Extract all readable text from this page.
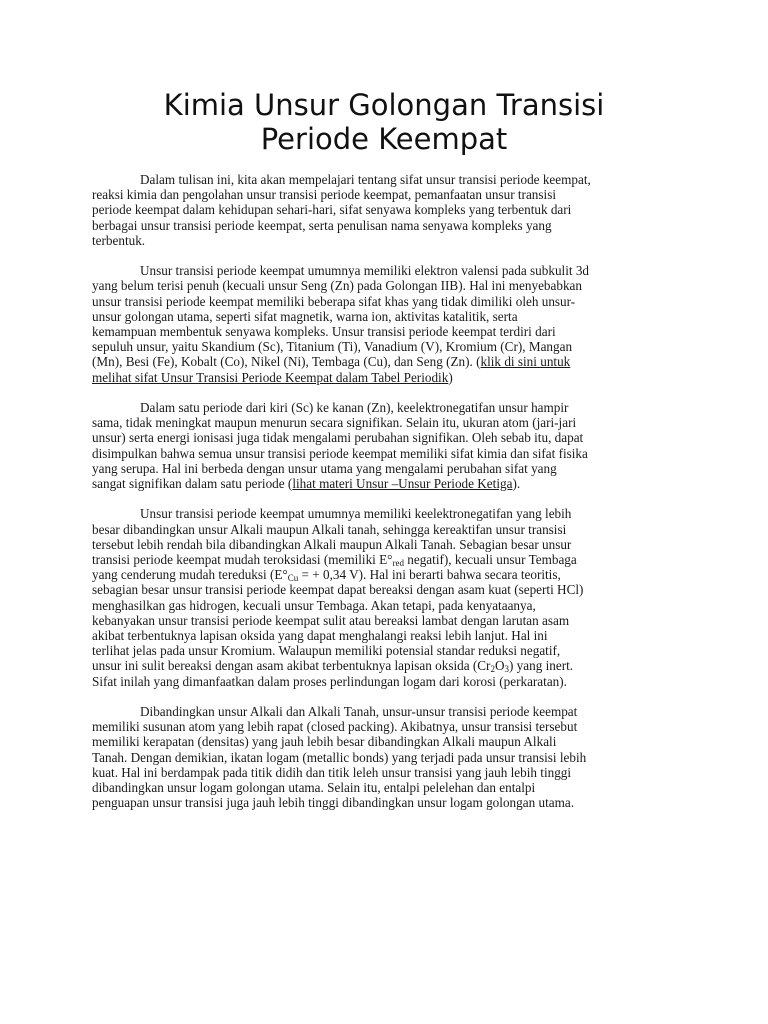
Kimia Unsur Golongan Transisi
Periode Keempat

Dalam tulisan ini, kita akan mempelajari tentang sifat unsur transisi periode keempat,
reaksi kimia dan pengolahan unsur transisi periode keempat, pemanfaatan unsur transisi
periode keempat dalam kehidupan sehari-hari, sifat senyawa kompleks yang terbentuk dari
berbagai unsur transisi periode keempat, serta penulisan nama senyawa kompleks yang
terbentuk.

Unsur transisi periode keempat umumnya memiliki elektron valensi pada subkulit 3d
yang belum terisi penuh (kecuali unsur Seng (Zn) pada Golongan IIB). Hal ini menyebabkan
unsur transisi periode keempat memiliki beberapa sifat khas yang tidak dimiliki oleh unsur-
unsur golongan utama, seperti sifat magnetik, warna ion, aktivitas katalitik, serta
kemampuan membentuk senyawa kompleks. Unsur transisi periode keempat terdiri dari
sepuluh unsur, yaitu Skandium (Sc), Titanium (Ti), Vanadium (V), Kromium (Cr), Mangan
(Mn), Besi (Fe), Kobalt (Co), Nikel (Ni), Tembaga (Cu), dan Seng (Zn). (klik di sini untuk
melihat sifat Unsur Transisi Periode Keempat dalam Tabel Periodik)

Dalam satu periode dari kiri (Sc) ke kanan (Zn), keelektronegatifan unsur hampir
sama, tidak meningkat maupun menurun secara signifikan. Selain itu, ukuran atom (jari-jari
unsur) serta energi ionisasi juga tidak mengalami perubahan signifikan. Oleh sebab itu, dapat
disimpulkan bahwa semua unsur transisi periode keempat memiliki sifat kimia dan sifat fisika
yang serupa. Hal ini berbeda dengan unsur utama yang mengalami perubahan sifat yang
sangat signifikan dalam satu periode (lihat materi Unsur –Unsur Periode Ketiga).

Unsur transisi periode keempat umumnya memiliki keelektronegatifan yang lebih
besar dibandingkan unsur Alkali maupun Alkali tanah, sehingga kereaktifan unsur transisi
tersebut lebih rendah bila dibandingkan Alkali maupun Alkali Tanah. Sebagian besar unsur
transisi periode keempat mudah teroksidasi (memiliki $E^\circ_{red}$ negatif), kecuali unsur Tembaga
yang cenderung mudah tereduksi ($E^\circ_{Cu}$ = + 0,34 V). Hal ini berarti bahwa secara teoritis,
sebagian besar unsur transisi periode keempat dapat bereaksi dengan asam kuat (seperti HCl)
menghasilkan gas hidrogen, kecuali unsur Tembaga. Akan tetapi, pada kenyataanya,
kebanyakan unsur transisi periode keempat sulit atau bereaksi lambat dengan larutan asam
akibat terbentuknya lapisan oksida yang dapat menghalangi reaksi lebih lanjut. Hal ini
terlihat jelas pada unsur Kromium. Walaupun memiliki potensial standar reduksi negatif,
unsur ini sulit bereaksi dengan asam akibat terbentuknya lapisan oksida $(Cr_2O_3)$ yang inert.
Sifat inilah yang dimanfaatkan dalam proses perlindungan logam dari korosi (perkaratan).

Dibandingkan unsur Alkali dan Alkali Tanah, unsur-unsur transisi periode keempat
memiliki susunan atom yang lebih rapat (closed packing). Akibatnya, unsur transisi tersebut
memiliki kerapatan (densitas) yang jauh lebih besar dibandingkan Alkali maupun Alkali
Tanah. Dengan demikian, ikatan logam (metallic bonds) yang terjadi pada unsur transisi lebih
kuat. Hal ini berdampak pada titik didih dan titik leleh unsur transisi yang jauh lebih tinggi
dibandingkan unsur logam golongan utama. Selain itu, entalpi pelelehan dan entalpi
penguapan unsur transisi juga jauh lebih tinggi dibandingkan unsur logam golongan utama.
